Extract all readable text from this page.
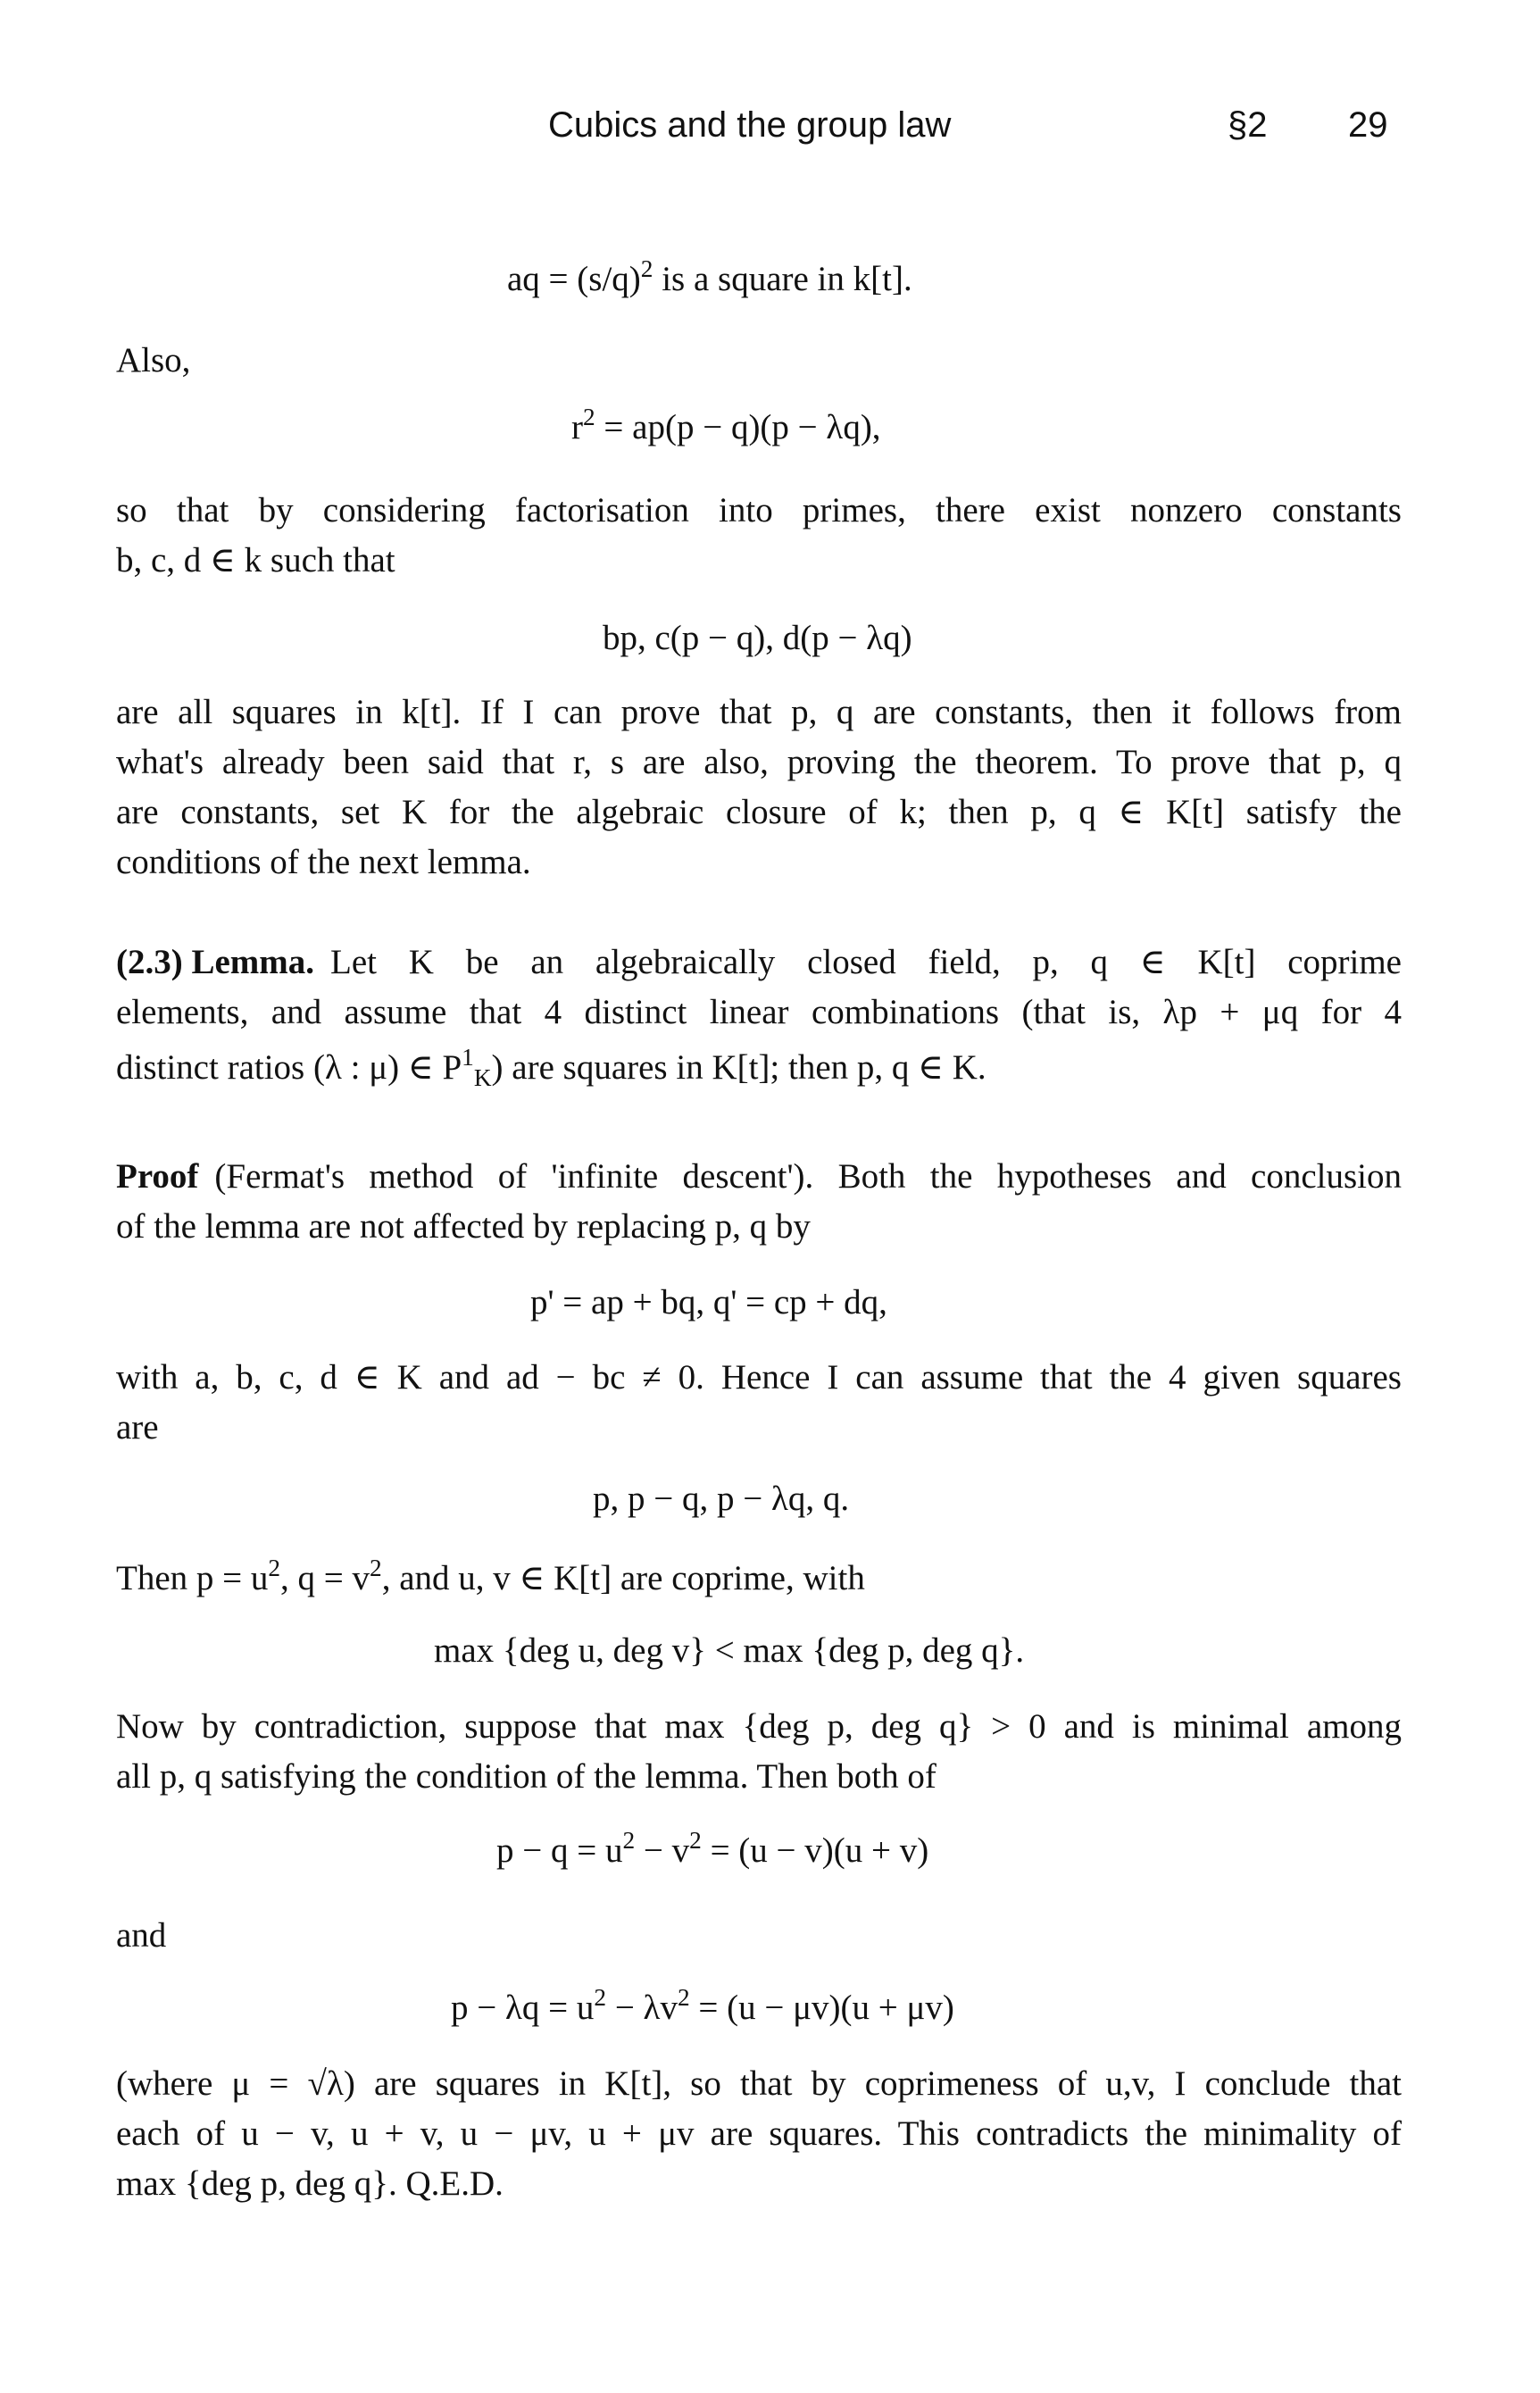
Cubics and the group law	§2 29
aq = $(s/q)^2$ is a square in k[t].
Also,
$r^2 = ap(p - q)(p - \lambda q)$,
so that by considering factorisation into primes, there exist nonzero constants
b, c, d ∈ k such that
bp, c(p − q), d(p − λq)
are all squares in k[t]. If I can prove that p, q are constants, then it follows from
what's already been said that r, s are also, proving the theorem. To prove that p, q
are constants, set K for the algebraic closure of k; then p, q ∈ K[t] satisfy the
conditions of the next lemma.
(2.3) Lemma. Let K be an algebraically closed field, p, q ∈ K[t] coprime
elements, and assume that 4 distinct linear combinations (that is, λp + μq for 4
distinct ratios (λ : μ) ∈ $P^1_K$) are squares in K[t]; then p, q ∈ K.
Proof (Fermat's method of 'infinite descent'). Both the hypotheses and conclusion
of the lemma are not affected by replacing p, q by
p' = ap + bq, q' = cp + dq,
with a, b, c, d ∈ K and ad − bc ≠ 0. Hence I can assume that the 4 given squares
are
p, p − q, p − λq, q.
Then $p = u^2$, $q = v^2$, and u, v ∈ K[t] are coprime, with
max {deg u, deg v} < max {deg p, deg q}.
Now by contradiction, suppose that max {deg p, deg q} > 0 and is minimal among
all p, q satisfying the condition of the lemma. Then both of
$p - q = u^2 - v^2 = (u - v)(u + v)$
and
$p - \lambda q = u^2 - \lambda v^2 = (u - \mu v)(u + \mu v)$
(where μ = √λ) are squares in K[t], so that by coprimeness of u,v, I conclude that
each of u − v, u + v, u − μv, u + μv are squares. This contradicts the minimality of
max {deg p, deg q}. Q.E.D.
